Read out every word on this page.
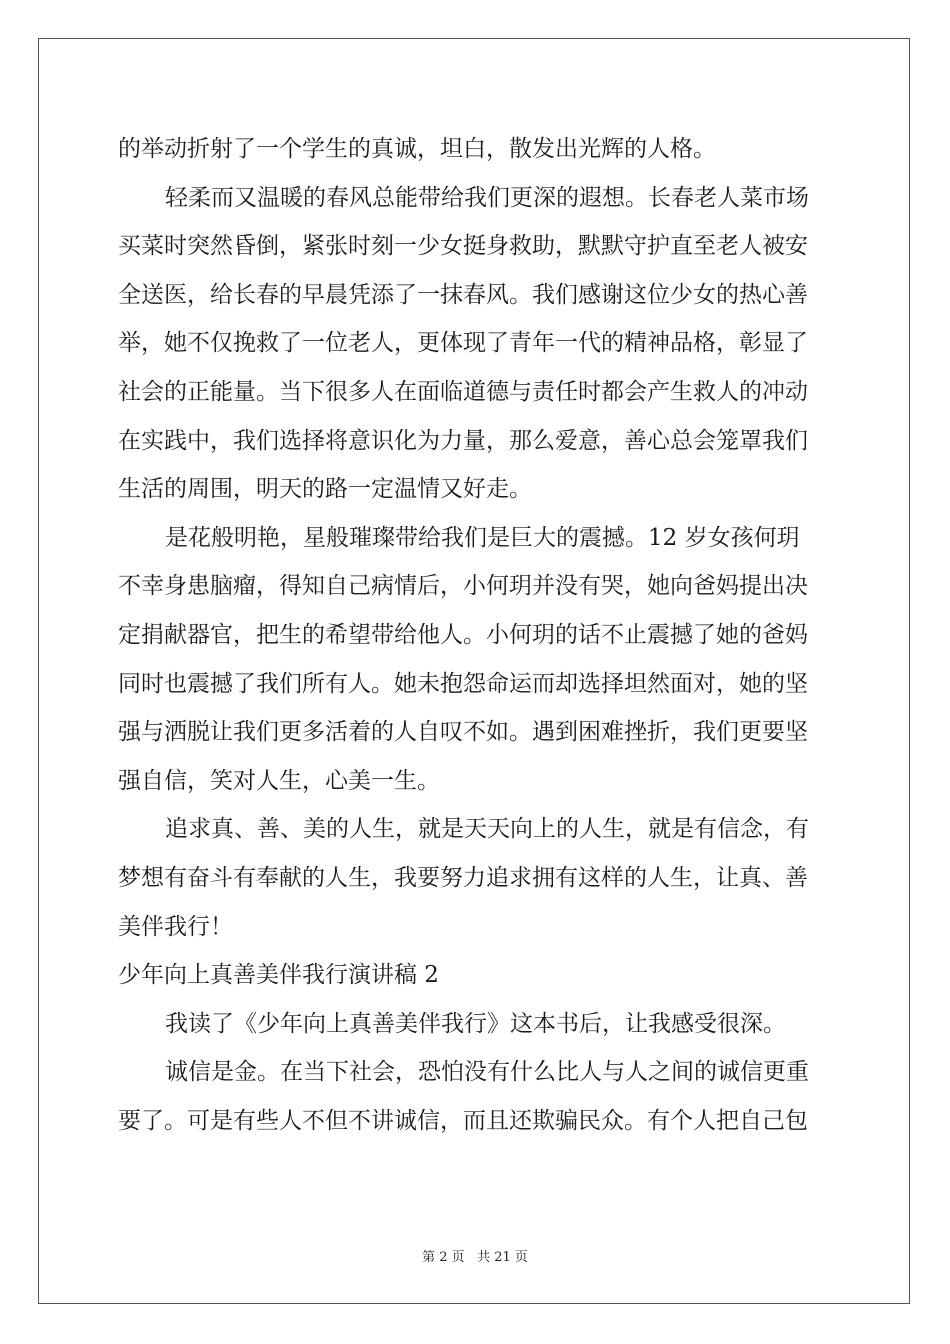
的举动折射了一个学生的真诚，坦白，散发出光辉的人格。
轻柔而又温暖的春风总能带给我们更深的遐想。长春老人菜市场
买菜时突然昏倒，紧张时刻一少女挺身救助，默默守护直至老人被安
全送医，给长春的早晨凭添了一抹春风。我们感谢这位少女的热心善
举，她不仅挽救了一位老人，更体现了青年一代的精神品格，彰显了
社会的正能量。当下很多人在面临道德与责任时都会产生救人的冲动
在实践中，我们选择将意识化为力量，那么爱意，善心总会笼罩我们
生活的周围，明天的路一定温情又好走。
是花般明艳，星般璀璨带给我们是巨大的震撼。12 岁女孩何玥
不幸身患脑瘤，得知自己病情后，小何玥并没有哭，她向爸妈提出决
定捐献器官，把生的希望带给他人。小何玥的话不止震撼了她的爸妈
同时也震撼了我们所有人。她未抱怨命运而却选择坦然面对，她的坚
强与洒脱让我们更多活着的人自叹不如。遇到困难挫折，我们更要坚
强自信，笑对人生，心美一生。
追求真、善、美的人生，就是天天向上的人生，就是有信念，有
梦想有奋斗有奉献的人生，我要努力追求拥有这样的人生，让真、善
美伴我行！
少年向上真善美伴我行演讲稿 2
我读了《少年向上真善美伴我行》这本书后，让我感受很深。
诚信是金。在当下社会，恐怕没有什么比人与人之间的诚信更重
要了。可是有些人不但不讲诚信，而且还欺骗民众。有个人把自己包
第 2 页 共 21 页
